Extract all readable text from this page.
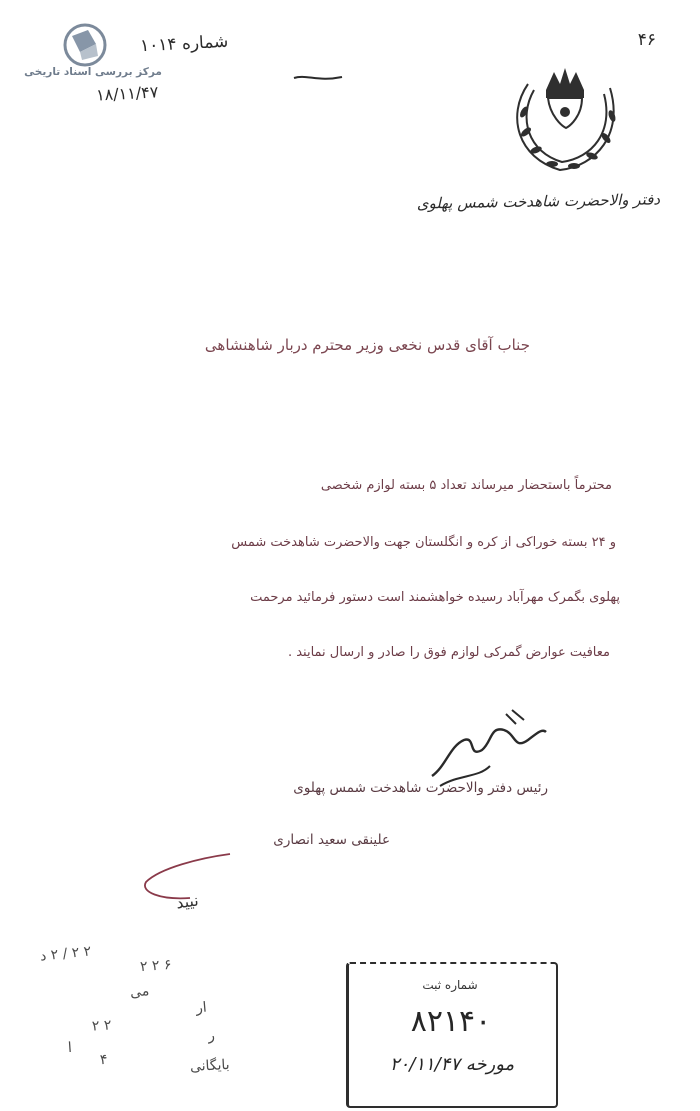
مرکز بررسی اسناد تاریخی
شماره ۱۰۱۴
۱۸/۱۱/۴۷
۴۶
دفتر والاحضرت شاهدخت شمس پهلوی
جناب آقای قدس نخعی وزیر محترم دربار شاهنشاهی
محترماً باستحضار میرساند تعداد ۵ بسته لوازم شخصی
و ۲۴ بسته خوراکی از کره و انگلستان جهت والاحضرت شاهدخت شمس
پهلوی بگمرک مهرآباد رسیده خواهشمند است دستور فرمائید مرحمت
معافیت عوارض گمرکی لوازم فوق را صادر و ارسال نمایند .
رئیس دفتر والاحضرت شاهدخت شمس پهلوی
علینقی سعید انصاری
نیید
۲ ۲ / ۲ د
۲ ۲ ۶
می
ار
۲ ۲
ر
۴	بایگانی
ا
شماره ثبت
۸۲۱۴۰
مورخه ۲۰/۱۱/۴۷
